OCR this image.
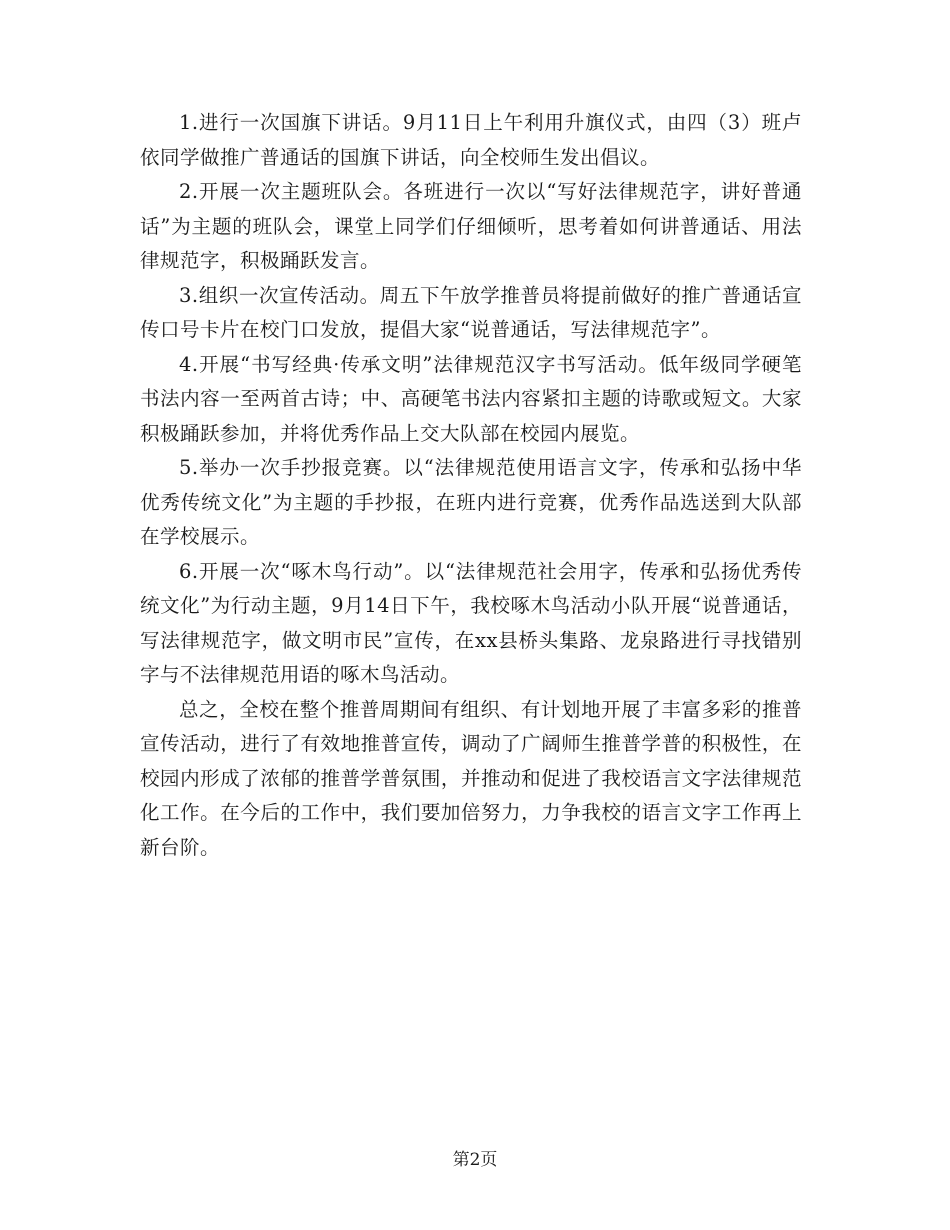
1.进行一次国旗下讲话。9月11日上午利用升旗仪式，由四（3）班卢依同学做推广普通话的国旗下讲话，向全校师生发出倡议。

2.开展一次主题班队会。各班进行一次以“写好法律规范字，讲好普通话”为主题的班队会，课堂上同学们仔细倾听，思考着如何讲普通话、用法律规范字，积极踊跃发言。

3.组织一次宣传活动。周五下午放学推普员将提前做好的推广普通话宣传口号卡片在校门口发放，提倡大家“说普通话，写法律规范字”。

4.开展“书写经典·传承文明”法律规范汉字书写活动。低年级同学硬笔书法内容一至两首古诗；中、高硬笔书法内容紧扣主题的诗歌或短文。大家积极踊跃参加，并将优秀作品上交大队部在校园内展览。

5.举办一次手抄报竞赛。以“法律规范使用语言文字，传承和弘扬中华优秀传统文化”为主题的手抄报，在班内进行竞赛，优秀作品选送到大队部在学校展示。

6.开展一次“啄木鸟行动”。以“法律规范社会用字，传承和弘扬优秀传统文化”为行动主题，9月14日下午，我校啄木鸟活动小队开展“说普通话，写法律规范字，做文明市民”宣传，在xx县桥头集路、龙泉路进行寻找错别字与不法律规范用语的啄木鸟活动。

总之，全校在整个推普周期间有组织、有计划地开展了丰富多彩的推普宣传活动，进行了有效地推普宣传，调动了广阔师生推普学普的积极性，在校园内形成了浓郁的推普学普氛围，并推动和促进了我校语言文字法律规范化工作。在今后的工作中，我们要加倍努力，力争我校的语言文字工作再上新台阶。

第2页
